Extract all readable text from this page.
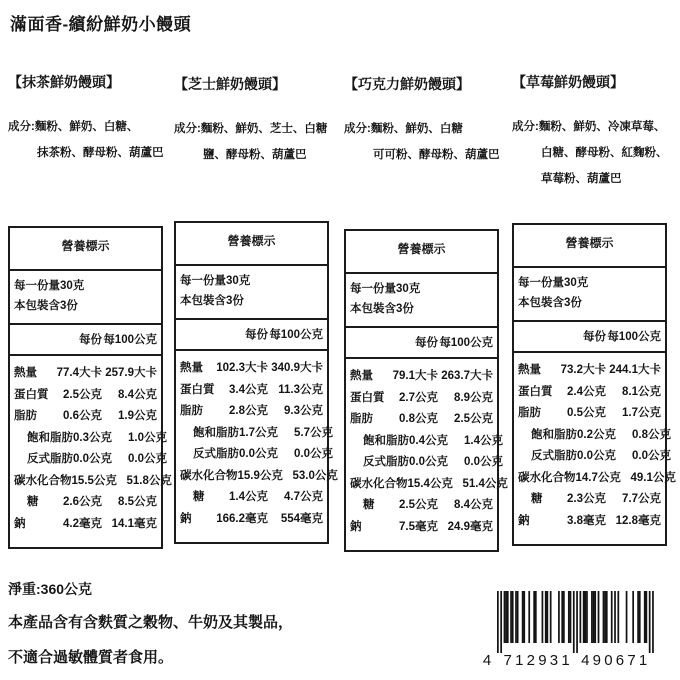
滿面香-繽紛鮮奶小饅頭
【抹茶鮮奶饅頭】
成分:麵粉、鮮奶、白糖、
抹茶粉、酵母粉、葫蘆巴
營養標示
每一份量30克
本包裝含3份
每份 每100公克
熱量 77.4大卡 257.9大卡
蛋白質 2.5公克	8.4公克
脂肪 0.6公克	1.9公克
飽和脂肪 0.3公克	1.0公克
反式脂肪 0.0公克	0.0公克
碳水化合物 15.5公克 51.8公克
糖 2.6公克	8.5公克
鈉	4.2毫克 14.1毫克
【芝士鮮奶饅頭】
成分:麵粉、鮮奶、芝士、白糖
鹽、酵母粉、葫蘆巴
營養標示
每一份量30克
本包裝含3份
每份 每100公克
熱量 102.3大卡 340.9大卡
蛋白質 3.4公克 11.3公克
脂肪 2.8公克	9.3公克
飽和脂肪 1.7公克	5.7公克
反式脂肪 0.0公克	0.0公克
碳水化合物 15.9公克 53.0公克
糖 1.4公克	4.7公克
鈉 166.2毫克	554毫克
【巧克力鮮奶饅頭】
成分:麵粉、鮮奶、白糖
可可粉、酵母粉、葫蘆巴
營養標示
每一份量30克
本包裝含3份
每份 每100公克
熱量 79.1大卡 263.7大卡
蛋白質 2.7公克	8.9公克
脂肪 0.8公克	2.5公克
飽和脂肪 0.4公克	1.4公克
反式脂肪 0.0公克	0.0公克
碳水化合物 15.4公克 51.4公克
糖 2.5公克	8.4公克
鈉	7.5毫克 24.9毫克
【草莓鮮奶饅頭】
成分:麵粉、鮮奶、冷凍草莓、
白糖、酵母粉、紅麴粉、
草莓粉、葫蘆巴
營養標示
每一份量30克
本包裝含3份
每份 每100公克
熱量 73.2大卡 244.1大卡
蛋白質 2.4公克	8.1公克
脂肪 0.5公克	1.7公克
飽和脂肪 0.2公克	0.8公克
反式脂肪 0.0公克	0.0公克
碳水化合物 14.7公克 49.1公克
糖 2.3公克	7.7公克
鈉	3.8毫克 12.8毫克
淨重:360公克
本產品含有含麩質之穀物、牛奶及其製品，
不適合過敏體質者食用。	4 7 1 2 9 3 1 4 9 0 6 7 1
